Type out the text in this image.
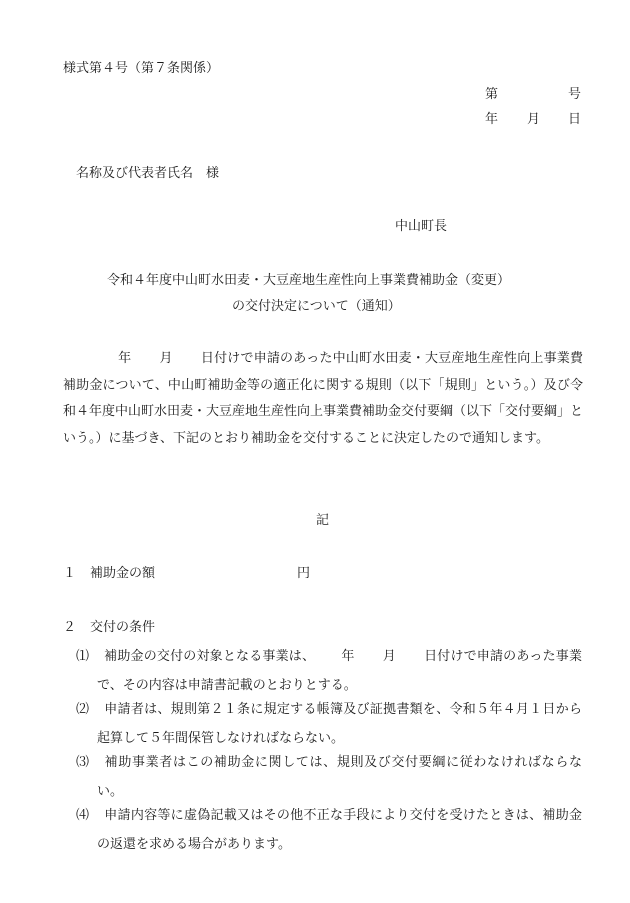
様式第４号（第７条関係）
第	号
年 月 日
名称及び代表者氏名　様
中山町長
令和４年度中山町水田麦・大豆産地生産性向上事業費補助金（変更）
の交付決定について（通知）
年 月 日付けで申請のあった中山町水田麦・大豆産地生産性向上事業費補助金について、中山町補助金等の適正化に関する規則（以下「規則」という。）及び令和４年度中山町水田麦・大豆産地生産性向上事業費補助金交付要綱（以下「交付要綱」という。）に基づき、下記のとおり補助金を交付することに決定したので通知します。
記
１ 補助金の額	円
２ 交付の条件
⑴ 補助金の交付の対象となる事業は、 年 月 日付けで申請のあった事業で、その内容は申請書記載のとおりとする。
⑵ 申請者は、規則第２１条に規定する帳簿及び証拠書類を、令和５年４月１日から起算して５年間保管しなければならない。
⑶ 補助事業者はこの補助金に関しては、規則及び交付要綱に従わなければならない。
⑷ 申請内容等に虚偽記載又はその他不正な手段により交付を受けたときは、補助金の返還を求める場合があります。
